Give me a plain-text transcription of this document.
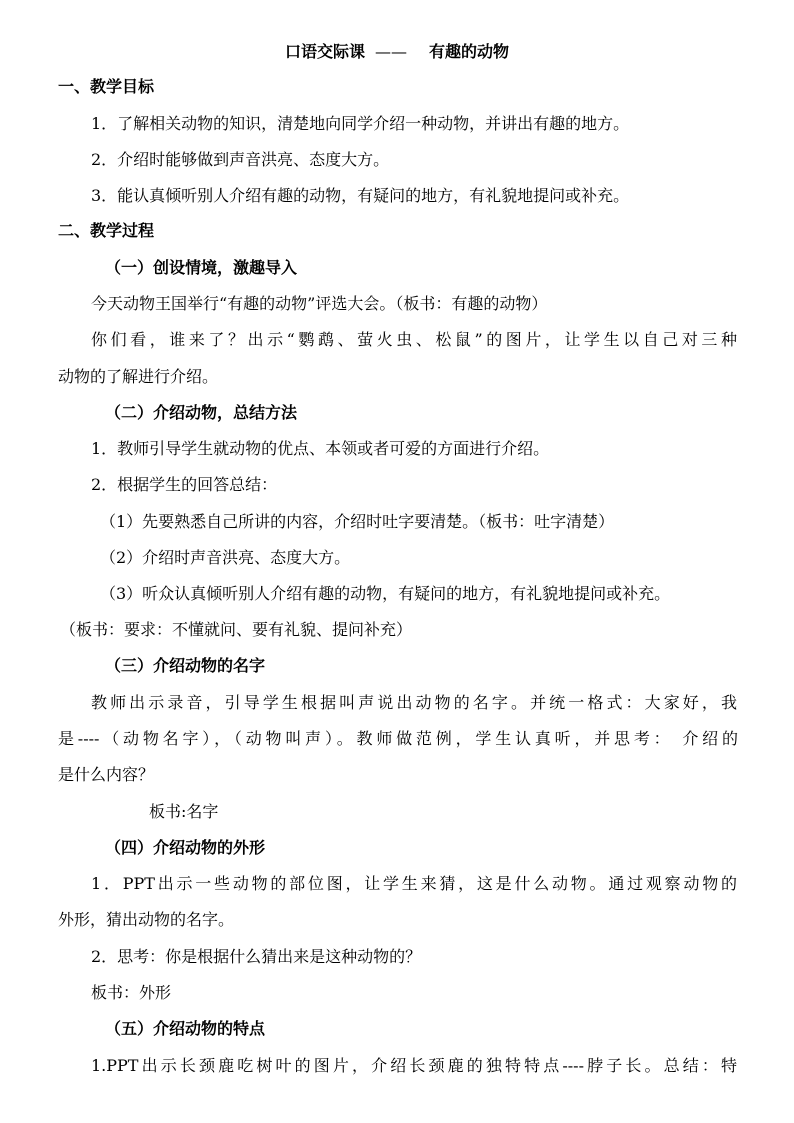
口语交际课 —— 有趣的动物
一、教学目标
1．了解相关动物的知识，清楚地向同学介绍一种动物，并讲出有趣的地方。
2．介绍时能够做到声音洪亮、态度大方。
3．能认真倾听别人介绍有趣的动物，有疑问的地方，有礼貌地提问或补充。
二、教学过程
（一）创设情境，激趣导入
今天动物王国举行“有趣的动物”评选大会。（板书：有趣的动物）
你们看，谁来了？出示“鹦鹉、萤火虫、松鼠”的图片，让学生以自己对三种
动物的了解进行介绍。
（二）介绍动物，总结方法
1．教师引导学生就动物的优点、本领或者可爱的方面进行介绍。
2．根据学生的回答总结：
（1）先要熟悉自己所讲的内容，介绍时吐字要清楚。（板书：吐字清楚）
（2）介绍时声音洪亮、态度大方。
（3）听众认真倾听别人介绍有趣的动物，有疑问的地方，有礼貌地提问或补充。
（板书：要求：不懂就问、要有礼貌、提问补充）
（三）介绍动物的名字
教师出示录音，引导学生根据叫声说出动物的名字。并统一格式：大家好，我
是----（动物名字），（动物叫声）。教师做范例，学生认真听，并思考： 介绍的
是什么内容？
板书:名字
（四）介绍动物的外形
1．PPT出示一些动物的部位图，让学生来猜，这是什么动物。通过观察动物的
外形，猜出动物的名字。
2．思考：你是根据什么猜出来是这种动物的？
板书：外形
（五）介绍动物的特点
1.PPT出示长颈鹿吃树叶的图片，介绍长颈鹿的独特特点----脖子长。总结：特
